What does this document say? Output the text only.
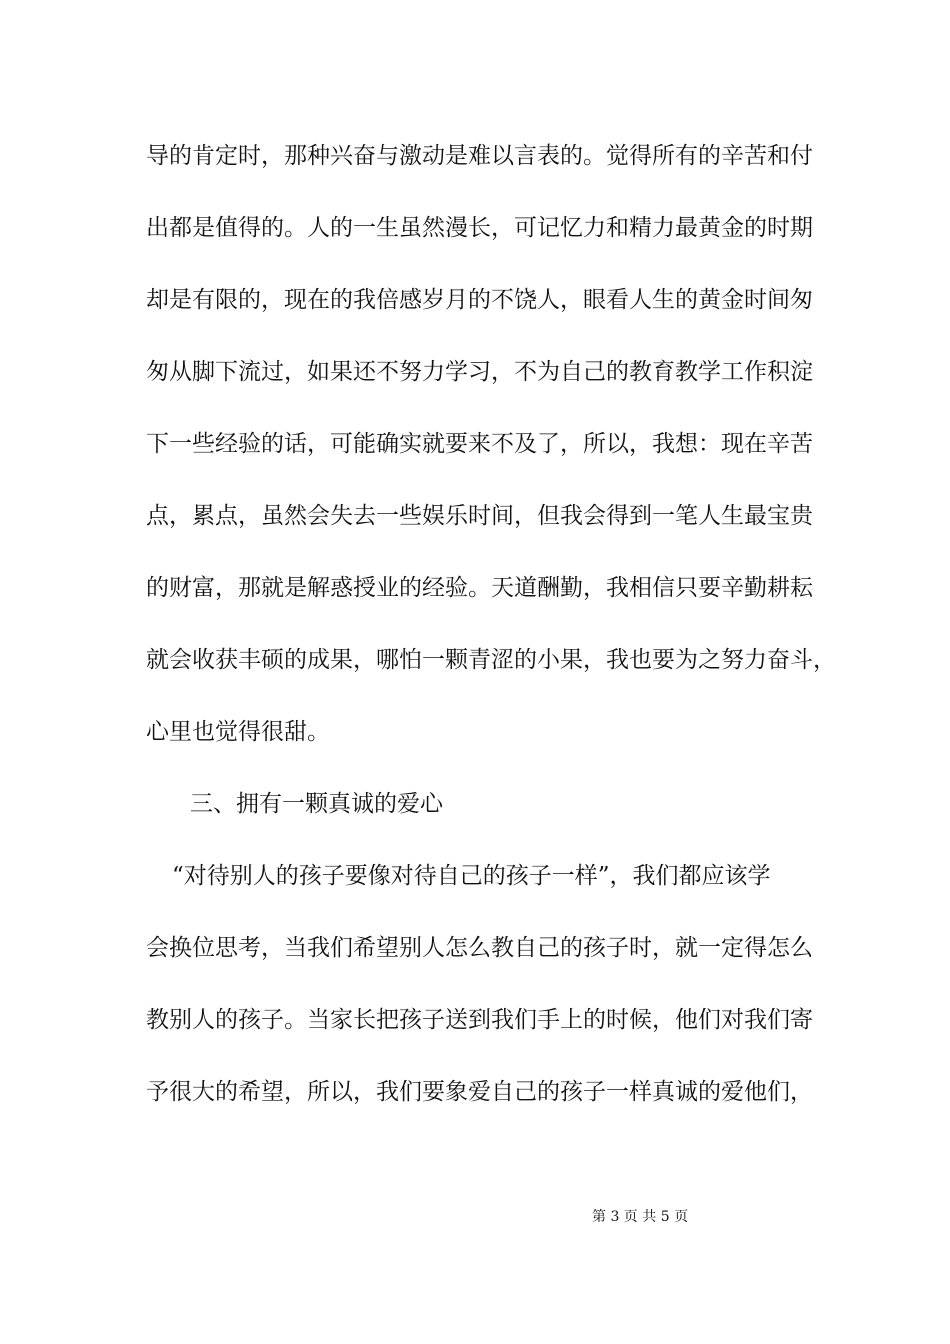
导的肯定时，那种兴奋与激动是难以言表的。觉得所有的辛苦和付
出都是值得的。人的一生虽然漫长，可记忆力和精力最黄金的时期
却是有限的，现在的我倍感岁月的不饶人，眼看人生的黄金时间匆
匆从脚下流过，如果还不努力学习，不为自己的教育教学工作积淀
下一些经验的话，可能确实就要来不及了，所以，我想：现在辛苦
点，累点，虽然会失去一些娱乐时间，但我会得到一笔人生最宝贵
的财富，那就是解惑授业的经验。天道酬勤，我相信只要辛勤耕耘
就会收获丰硕的成果，哪怕一颗青涩的小果，我也要为之努力奋斗，
心里也觉得很甜。
三、拥有一颗真诚的爱心
“对待别人的孩子要像对待自己的孩子一样”，我们都应该学
会换位思考，当我们希望别人怎么教自己的孩子时，就一定得怎么
教别人的孩子。当家长把孩子送到我们手上的时候，他们对我们寄
予很大的希望，所以，我们要象爱自己的孩子一样真诚的爱他们，
第 3 页 共 5 页
